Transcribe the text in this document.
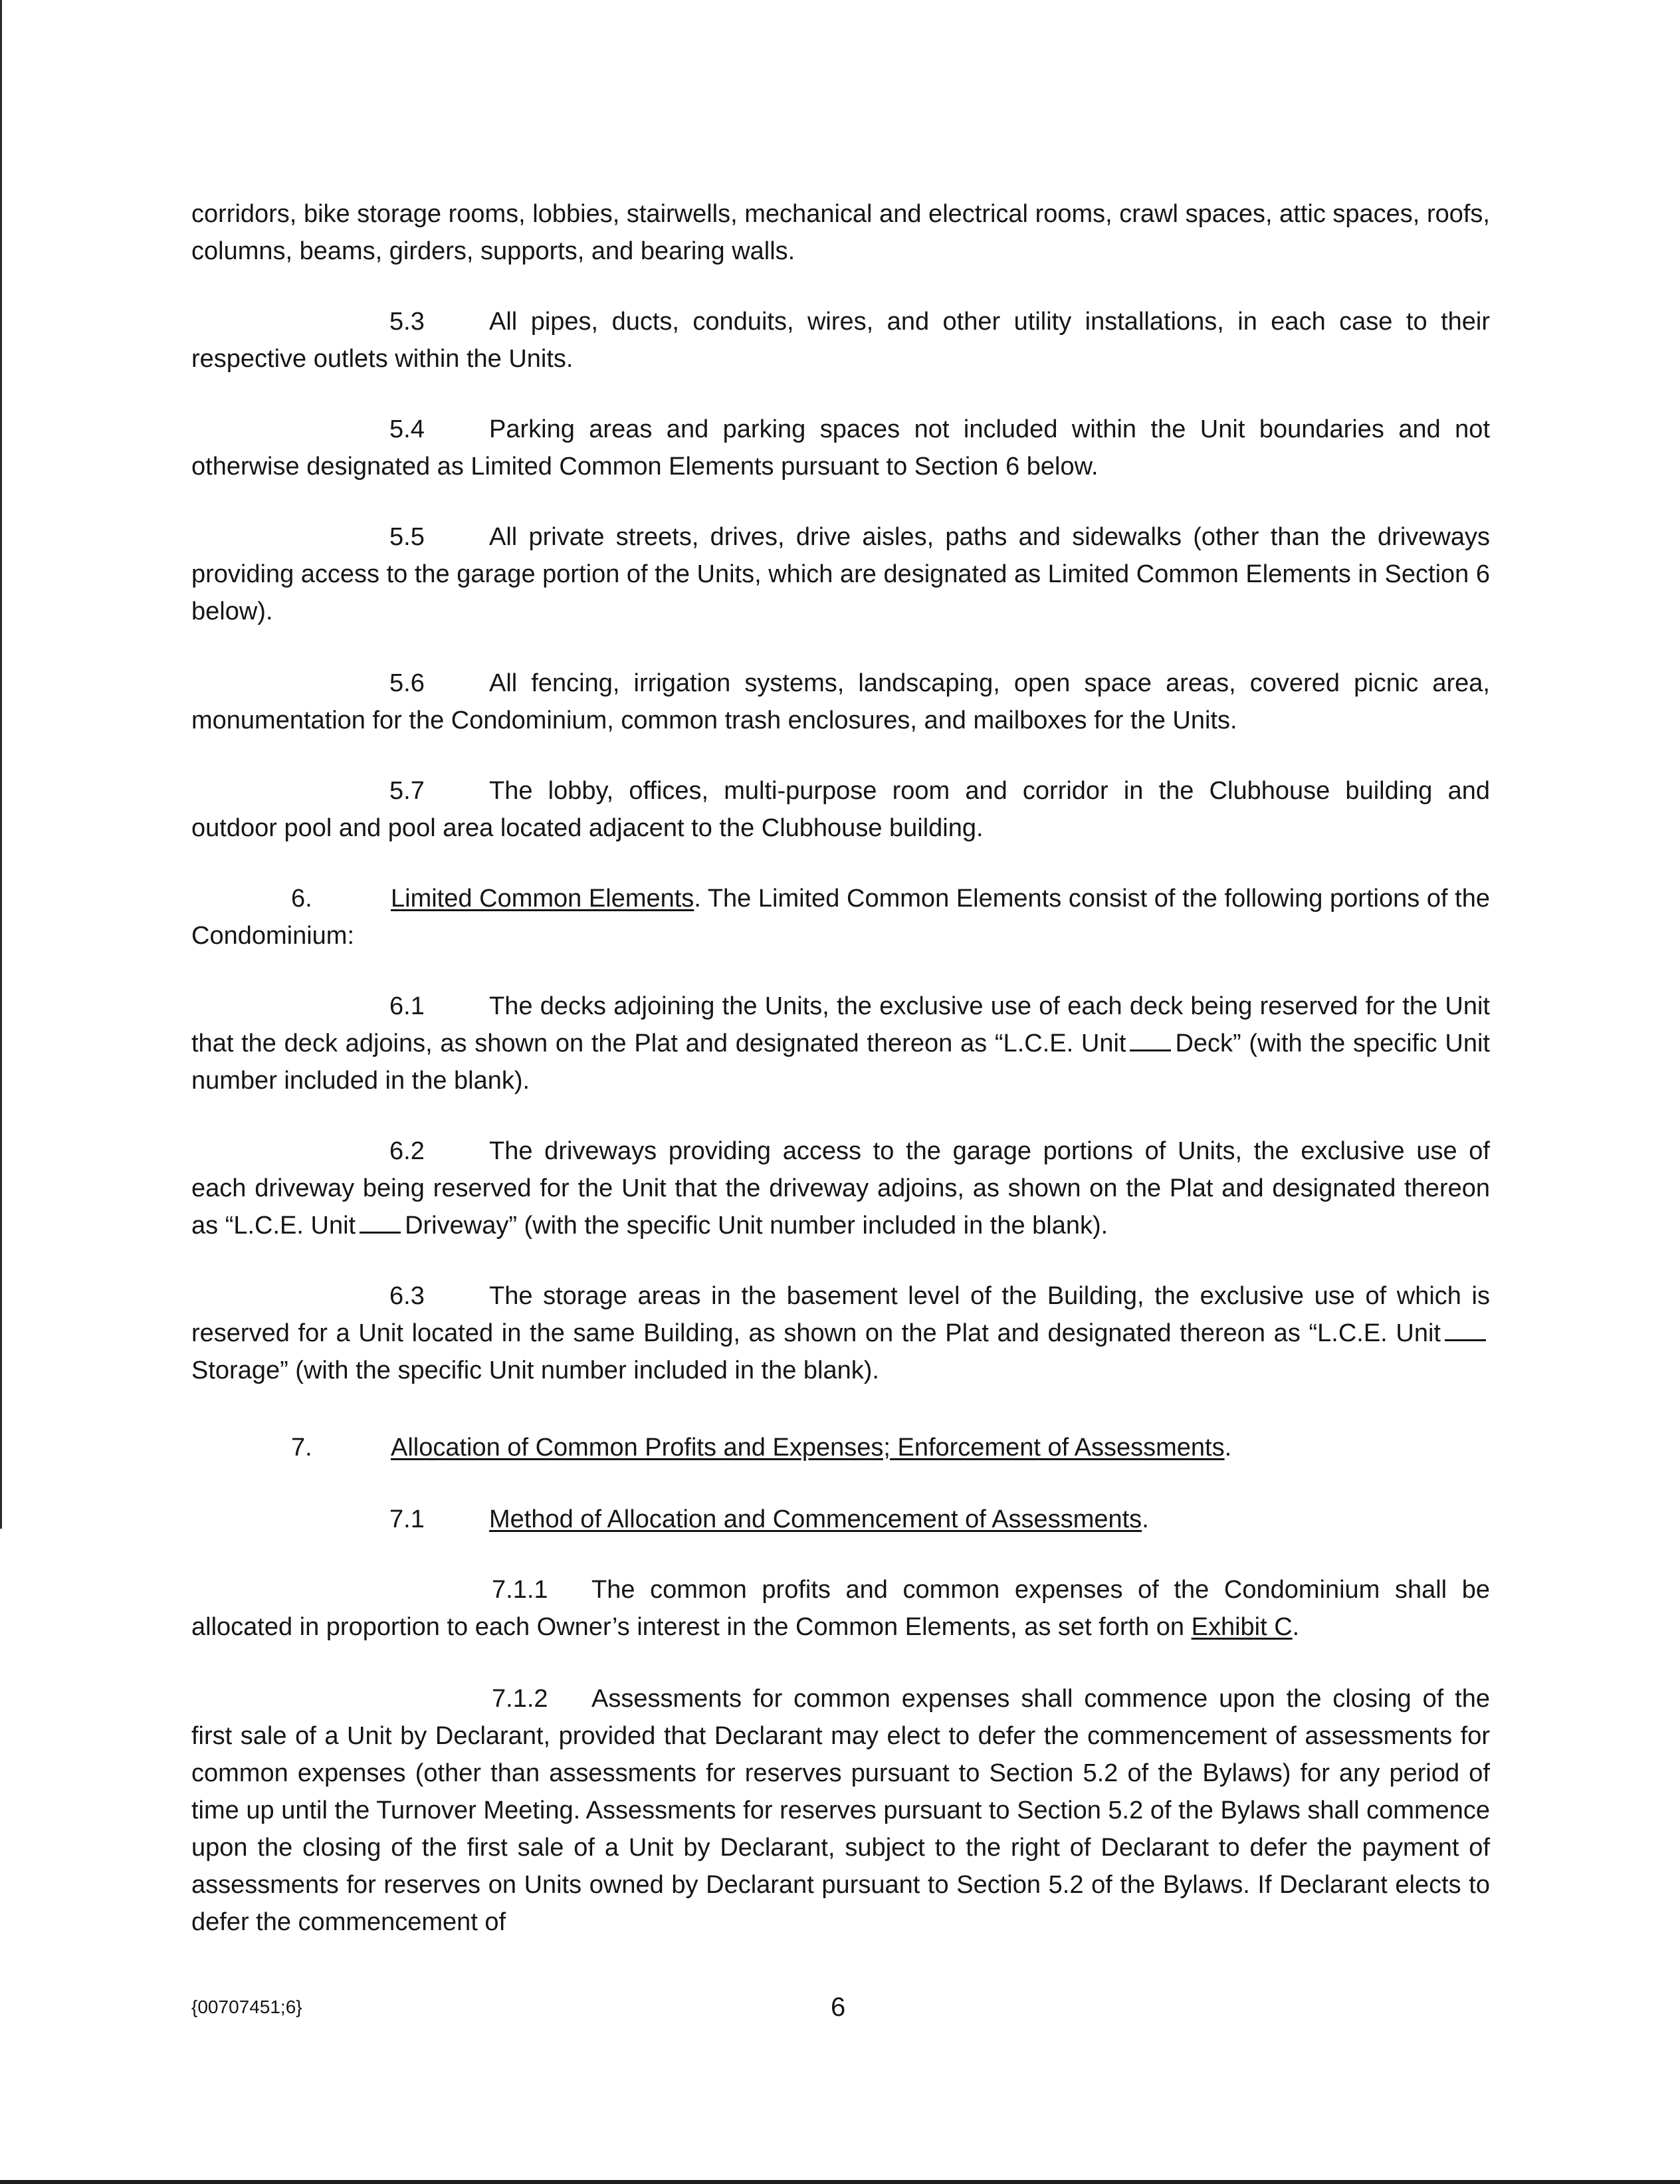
corridors, bike storage rooms, lobbies, stairwells, mechanical and electrical rooms, crawl spaces, attic spaces, roofs, columns, beams, girders, supports, and bearing walls.

5.3	All pipes, ducts, conduits, wires, and other utility installations, in each case to their respective outlets within the Units.

5.4	Parking areas and parking spaces not included within the Unit boundaries and not otherwise designated as Limited Common Elements pursuant to Section 6 below.

5.5	All private streets, drives, drive aisles, paths and sidewalks (other than the driveways providing access to the garage portion of the Units, which are designated as Limited Common Elements in Section 6 below).

5.6	All fencing, irrigation systems, landscaping, open space areas, covered picnic area, monumentation for the Condominium, common trash enclosures, and mailboxes for the Units.

5.7	The lobby, offices, multi-purpose room and corridor in the Clubhouse building and outdoor pool and pool area located adjacent to the Clubhouse building.

6.	Limited Common Elements. The Limited Common Elements consist of the following portions of the Condominium:

6.1	The decks adjoining the Units, the exclusive use of each deck being reserved for the Unit that the deck adjoins, as shown on the Plat and designated thereon as “L.C.E. Unit Deck” (with the specific Unit number included in the blank).

6.2	The driveways providing access to the garage portions of Units, the exclusive use of each driveway being reserved for the Unit that the driveway adjoins, as shown on the Plat and designated thereon as “L.C.E. Unit Driveway” (with the specific Unit number included in the blank).

6.3	The storage areas in the basement level of the Building, the exclusive use of which is reserved for a Unit located in the same Building, as shown on the Plat and designated thereon as “L.C.E. UnitStorage” (with the specific Unit number included in the blank).

7.	Allocation of Common Profits and Expenses; Enforcement of Assessments.

7.1	Method of Allocation and Commencement of Assessments.

7.1.1 The common profits and common expenses of the Condominium shall be allocated in proportion to each Owner’s interest in the Common Elements, as set forth on Exhibit C.

7.1.2 Assessments for common expenses shall commence upon the closing of the first sale of a Unit by Declarant, provided that Declarant may elect to defer the commencement of assessments for common expenses (other than assessments for reserves pursuant to Section 5.2 of the Bylaws) for any period of time up until the Turnover Meeting. Assessments for reserves pursuant to Section 5.2 of the Bylaws shall commence upon the closing of the first sale of a Unit by Declarant, subject to the right of Declarant to defer the payment of assessments for reserves on Units owned by Declarant pursuant to Section 5.2 of the Bylaws. If Declarant elects to defer the commencement of

{00707451;6}	6
